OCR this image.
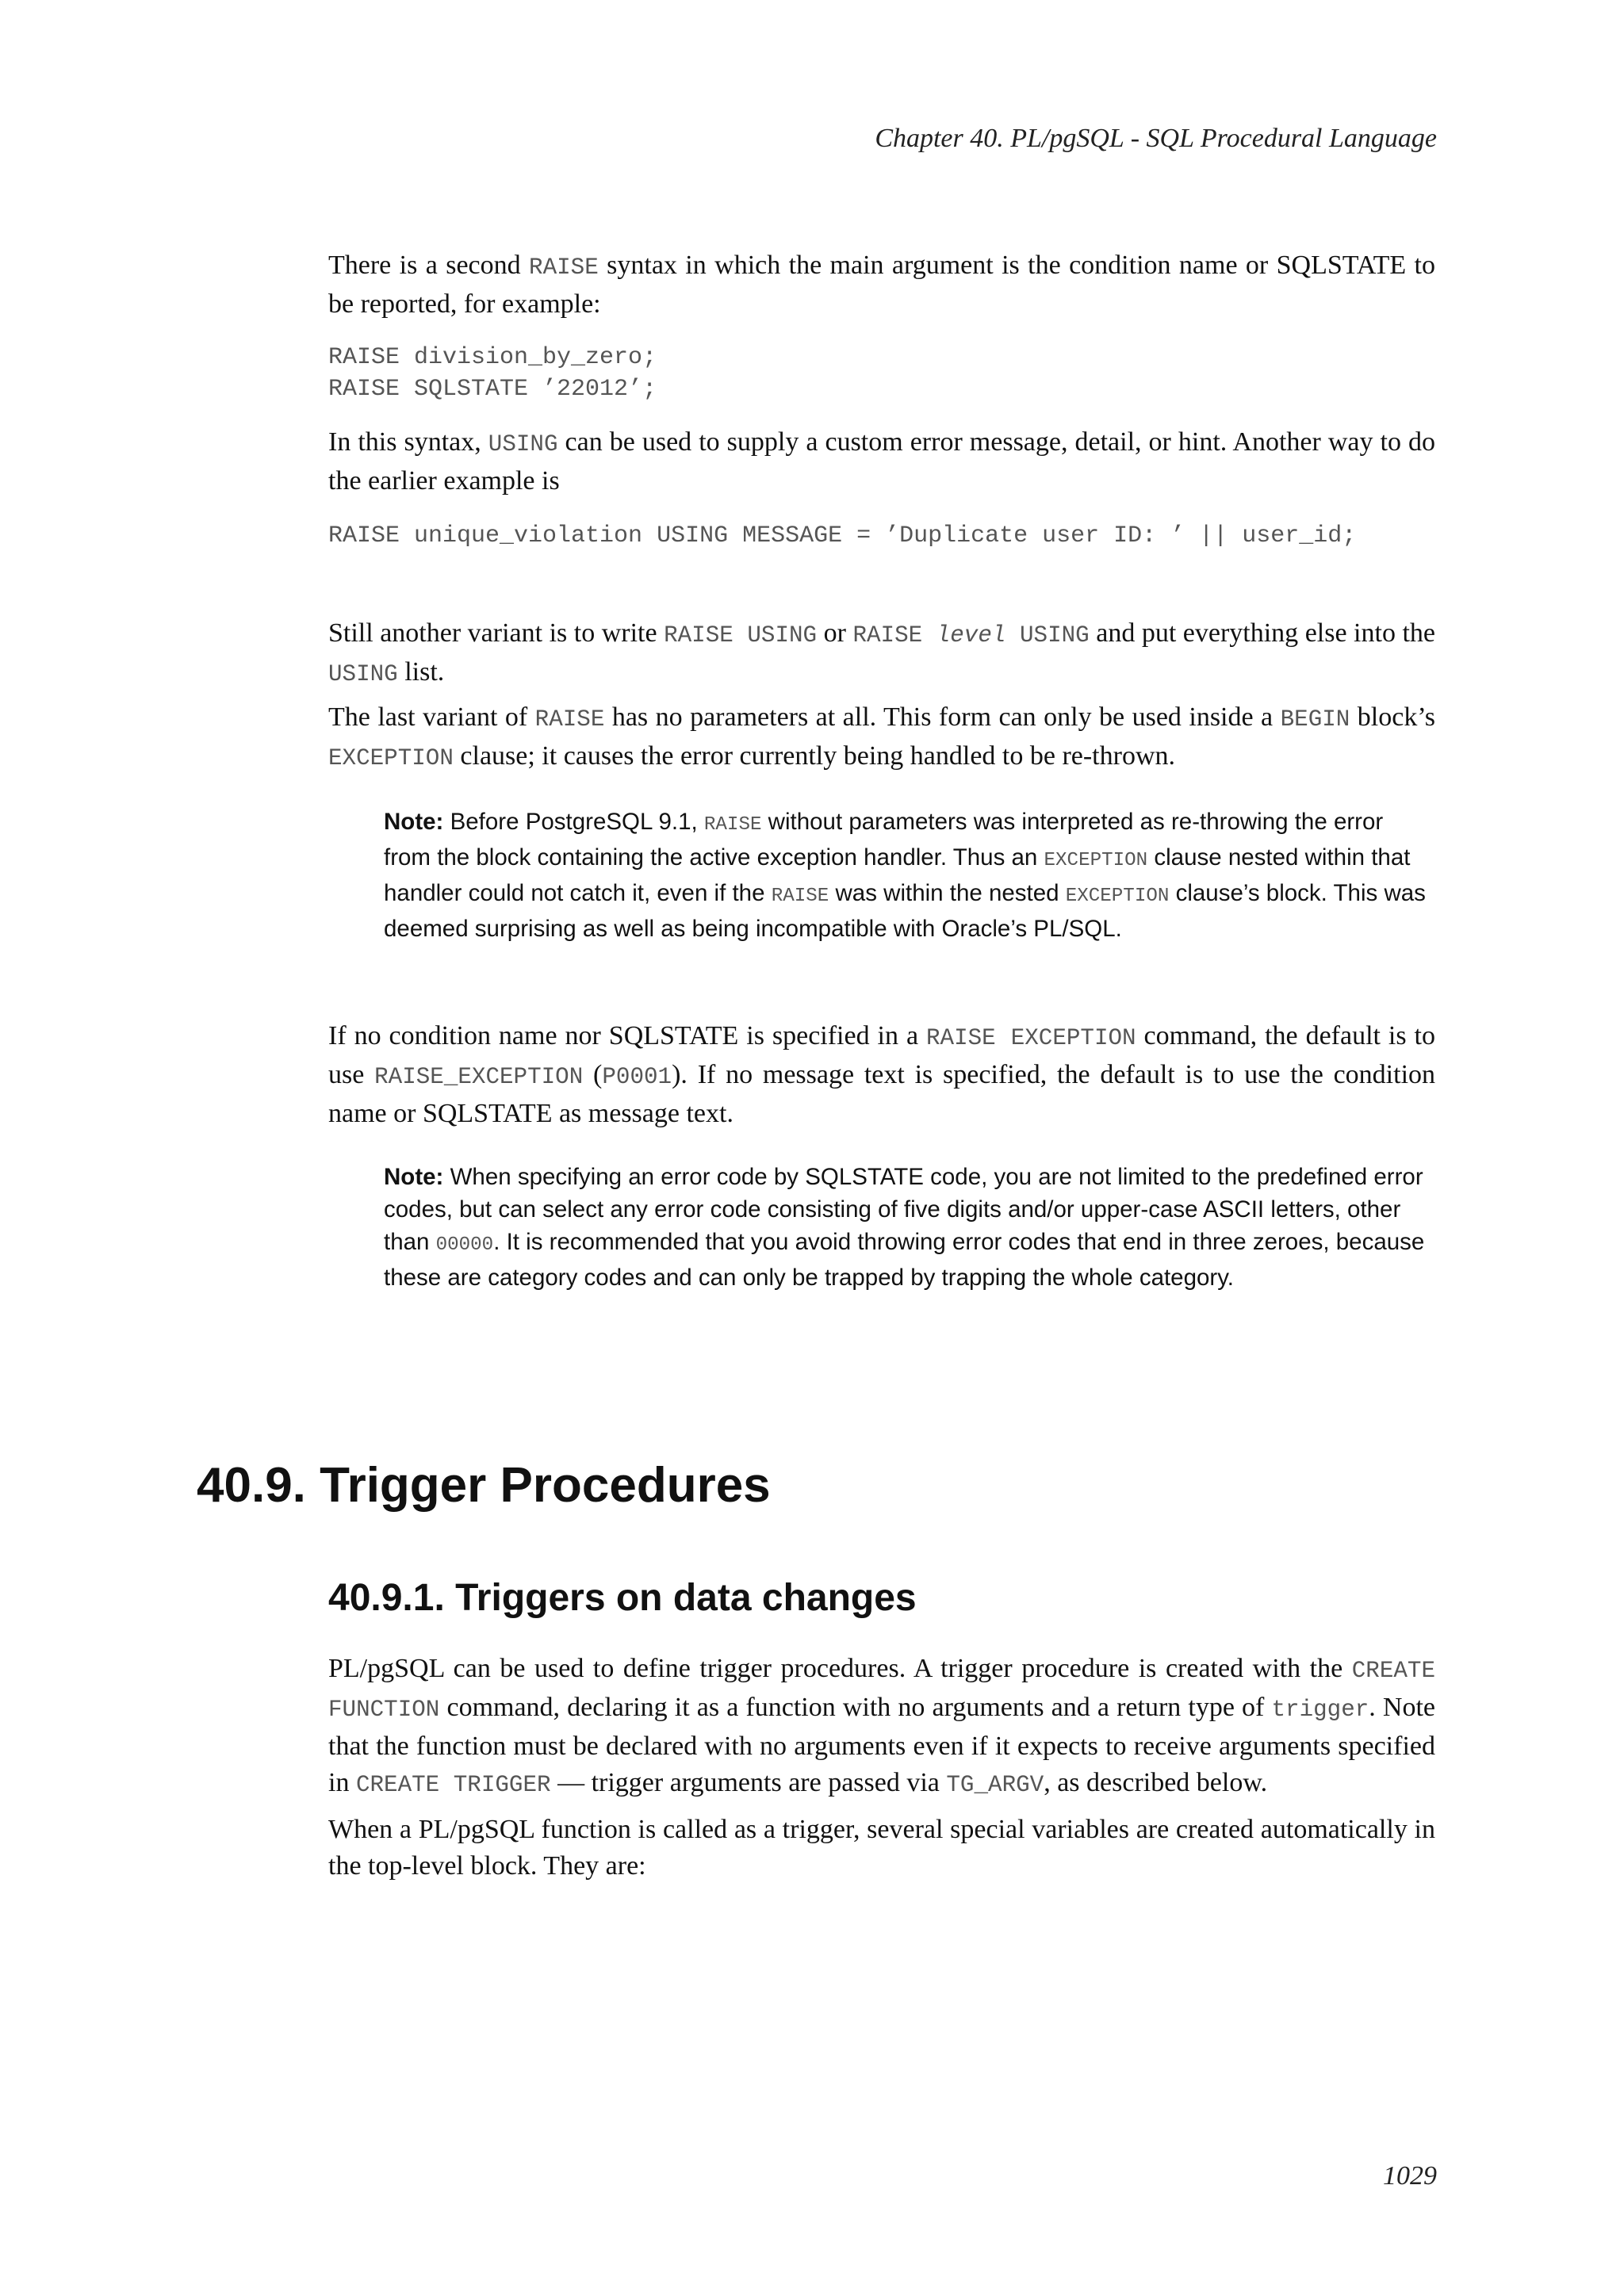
Chapter 40. PL/pgSQL - SQL Procedural Language

There is a second RAISE syntax in which the main argument is the condition name or SQLSTATE to be reported, for example:

RAISE division_by_zero;
RAISE SQLSTATE ’22012’;

In this syntax, USING can be used to supply a custom error message, detail, or hint. Another way to do the earlier example is

RAISE unique_violation USING MESSAGE = ’Duplicate user ID: ’ || user_id;

Still another variant is to write RAISE USING or RAISE level USING and put everything else into the USING list.

The last variant of RAISE has no parameters at all. This form can only be used inside a BEGIN block’s EXCEPTION clause; it causes the error currently being handled to be re-thrown.

Note: Before PostgreSQL 9.1, RAISE without parameters was interpreted as re-throwing the error from the block containing the active exception handler. Thus an EXCEPTION clause nested within that handler could not catch it, even if the RAISE was within the nested EXCEPTION clause’s block. This was deemed surprising as well as being incompatible with Oracle’s PL/SQL.

If no condition name nor SQLSTATE is specified in a RAISE EXCEPTION command, the default is to use RAISE_EXCEPTION (P0001). If no message text is specified, the default is to use the condition name or SQLSTATE as message text.

Note: When specifying an error code by SQLSTATE code, you are not limited to the predefined error codes, but can select any error code consisting of five digits and/or upper-case ASCII letters, other than 00000. It is recommended that you avoid throwing error codes that end in three zeroes, because these are category codes and can only be trapped by trapping the whole category.
40.9. Trigger Procedures
40.9.1. Triggers on data changes

PL/pgSQL can be used to define trigger procedures. A trigger procedure is created with the CREATE FUNCTION command, declaring it as a function with no arguments and a return type of trigger. Note that the function must be declared with no arguments even if it expects to receive arguments specified in CREATE TRIGGER — trigger arguments are passed via TG_ARGV, as described below.

When a PL/pgSQL function is called as a trigger, several special variables are created automatically in the top-level block. They are:

1029
